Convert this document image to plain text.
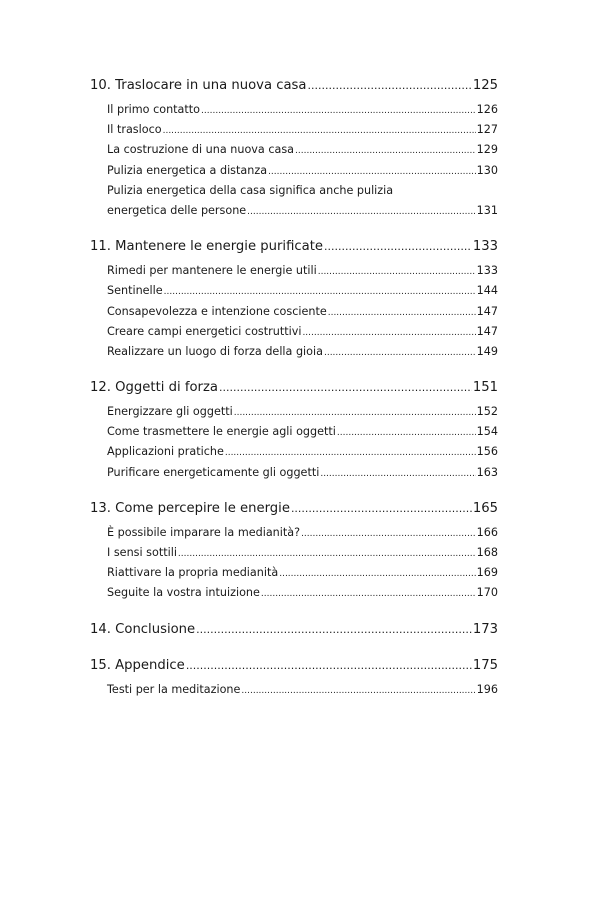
10. Traslocare in una nuova casa .....	125
Il primo contatto .....	126
Il trasloco .....	127
La costruzione di una nuova casa .....	129
Pulizia energetica a distanza .....	130
Pulizia energetica della casa significa anche pulizia
energetica delle persone .....	131
11. Mantenere le energie purificate .....	133
Rimedi per mantenere le energie utili .....	133
Sentinelle .....	144
Consapevolezza e intenzione cosciente .....	147
Creare campi energetici costruttivi .....	147
Realizzare un luogo di forza della gioia .....	149
12. Oggetti di forza .....	151
Energizzare gli oggetti .....	152
Come trasmettere le energie agli oggetti .....	154
Applicazioni pratiche .....	156
Purificare energeticamente gli oggetti .....	163
13. Come percepire le energie .....	165
È possibile imparare la medianità? .....	166
I sensi sottili .....	168
Riattivare la propria medianità .....	169
Seguite la vostra intuizione .....	170
14. Conclusione .....	173
15. Appendice .....	175
Testi per la meditazione .....	196
